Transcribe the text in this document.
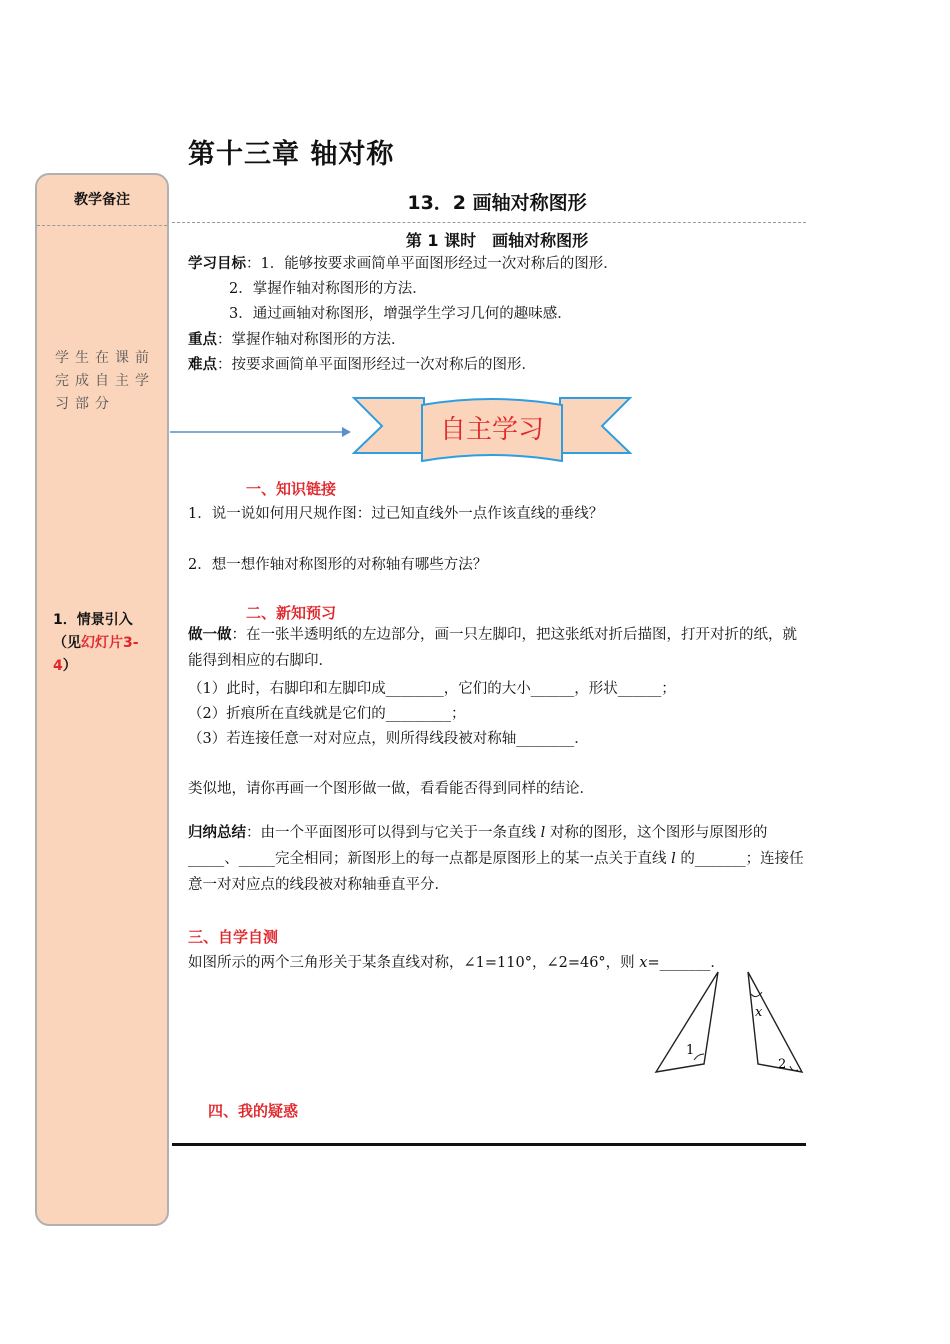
第十三章 轴对称
教学备注
学生在课前完成自主学习部分
1．情景引入（见幻灯片3-4）
13．2 画轴对称图形
第 1 课时　画轴对称图形
学习目标：1．能够按要求画简单平面图形经过一次对称后的图形．
2．掌握作轴对称图形的方法．
3．通过画轴对称图形，增强学生学习几何的趣味感．
重点：掌握作轴对称图形的方法．
难点：按要求画简单平面图形经过一次对称后的图形．
自主学习
一、知识链接
1．说一说如何用尺规作图：过已知直线外一点作该直线的垂线？
2．想一想作轴对称图形的对称轴有哪些方法？
二、新知预习
做一做：在一张半透明纸的左边部分，画一只左脚印，把这张纸对折后描图，打开对折的纸，就能得到相应的右脚印．
（1）此时，右脚印和左脚印成________，它们的大小______，形状______；
（2）折痕所在直线就是它们的_________；
（3）若连接任意一对对应点，则所得线段被对称轴________．
类似地，请你再画一个图形做一做，看看能否得到同样的结论．
归纳总结：由一个平面图形可以得到与它关于一条直线 l 对称的图形，这个图形与原图形的_____、_____完全相同；新图形上的每一点都是原图形上的某一点关于直线 l 的_______；连接任意一对对应点的线段被对称轴垂直平分．
三、自学自测
如图所示的两个三角形关于某条直线对称，∠1=110°，∠2=46°，则 x=_______．
1
x
2
四、我的疑惑
